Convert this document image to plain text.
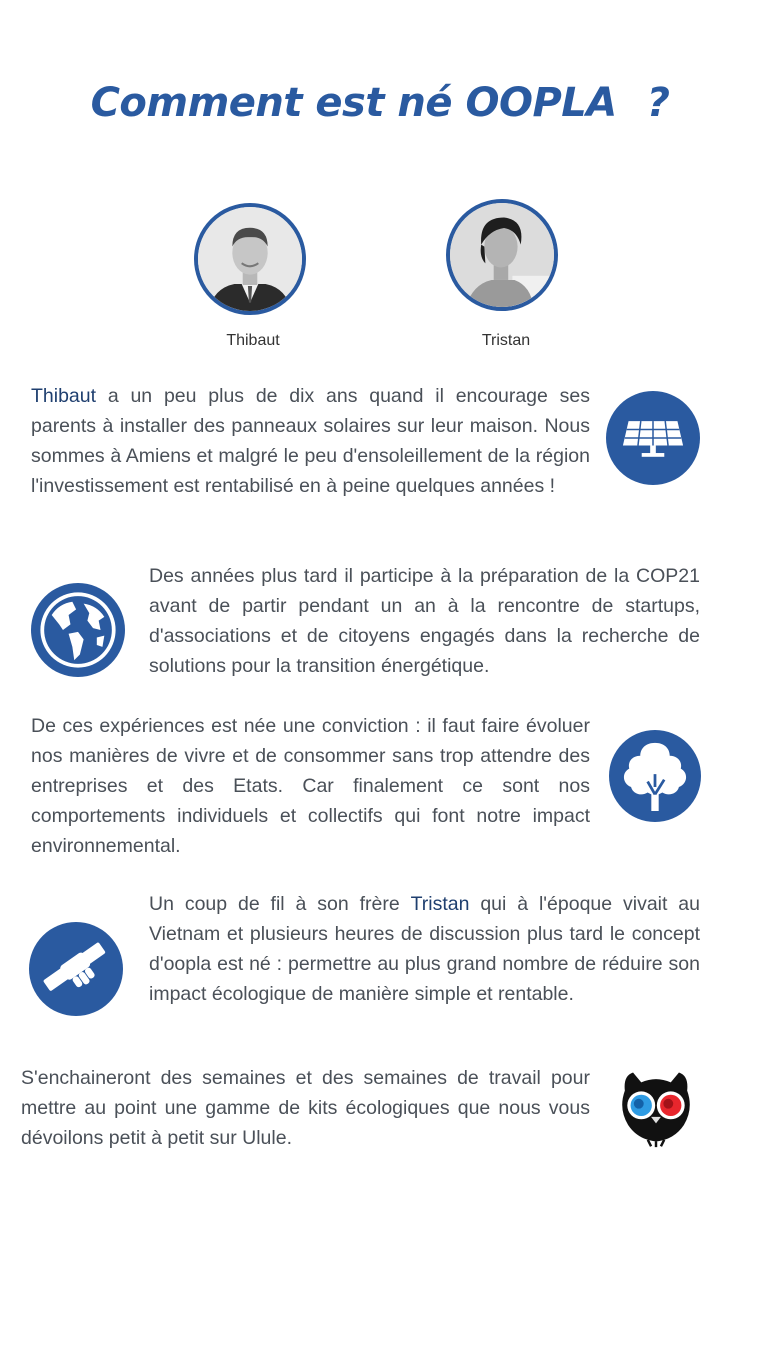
Comment est né OOPLA ?
Thibaut	Tristan
Thibaut a un peu plus de dix ans quand il encourage ses parents à installer des panneaux solaires sur leur maison. Nous sommes à Amiens et malgré le peu d'ensoleillement de la région l'investissement est rentabilisé en à peine quelques années !
Des années plus tard il participe à la préparation de la COP21 avant de partir pendant un an à la rencontre de startups, d'associations et de citoyens engagés dans la recherche de solutions pour la transition énergétique.
De ces expériences est née une conviction : il faut faire évoluer nos manières de vivre et de consommer sans trop attendre des entreprises et des Etats. Car finalement ce sont nos comportements individuels et collectifs qui font notre impact environnemental.
Un coup de fil à son frère Tristan qui à l'époque vivait au Vietnam et plusieurs heures de discussion plus tard le concept d'oopla est né : permettre au plus grand nombre de réduire son impact écologique de manière simple et rentable.
S'enchaineront des semaines et des semaines de travail pour mettre au point une gamme de kits écologiques que nous vous dévoilons petit à petit sur Ulule.
